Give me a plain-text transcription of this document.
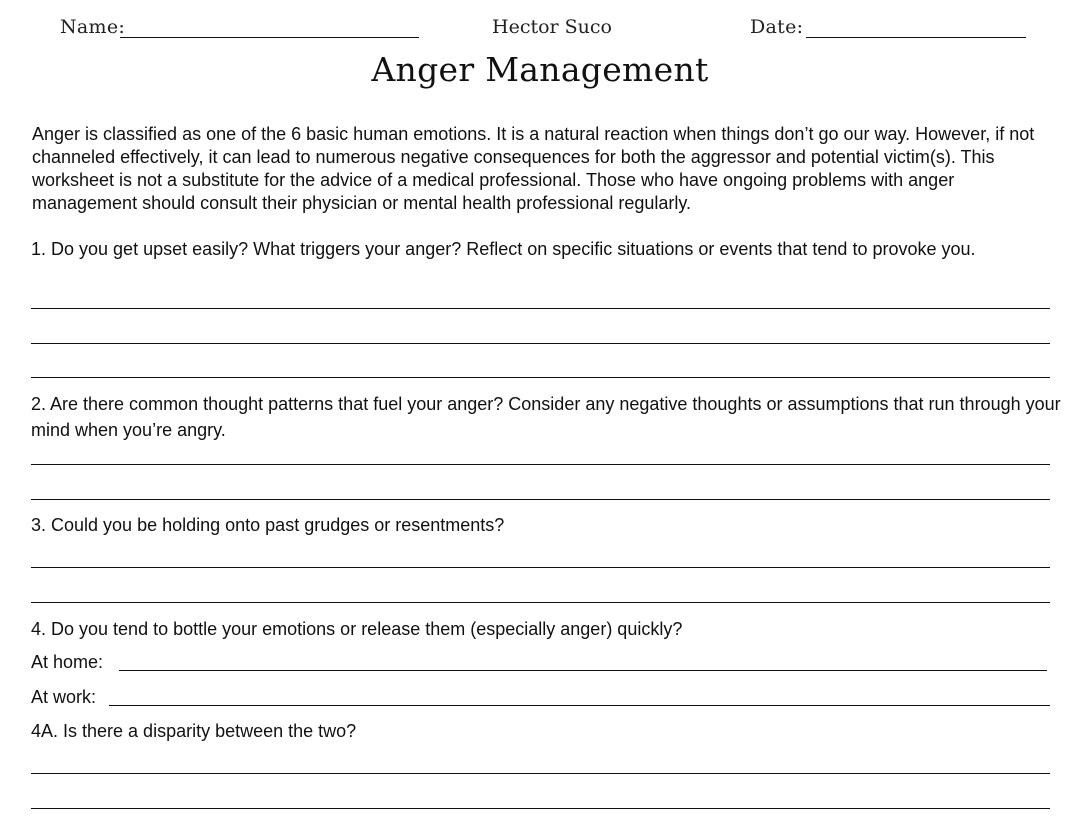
Name:	Hector Suco	Date:
Anger Management

Anger is classified as one of the 6 basic human emotions. It is a natural reaction when things don’t go our way. However, if not channeled effectively, it can lead to numerous negative consequences for both the aggressor and potential victim(s). This worksheet is not a substitute for the advice of a medical professional. Those who have ongoing problems with anger management should consult their physician or mental health professional regularly.

1. Do you get upset easily? What triggers your anger? Reflect on specific situations or events that tend to provoke you.

2. Are there common thought patterns that fuel your anger? Consider any negative thoughts or assumptions that run through your mind when you’re angry.

3. Could you be holding onto past grudges or resentments?

4. Do you tend to bottle your emotions or release them (especially anger) quickly?

At home:
At work:

4A. Is there a disparity between the two?
